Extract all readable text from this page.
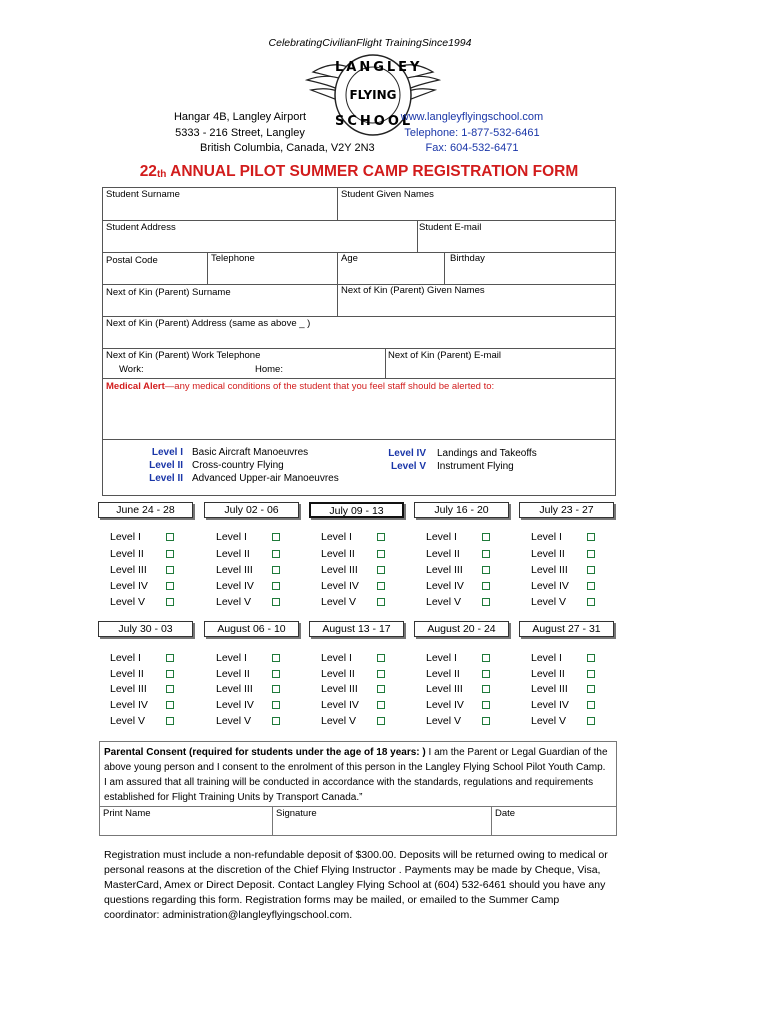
CelebratingCivilianFlight TrainingSince1994
LANGLEY
FLYING
SCHOOL
Hangar 4B, Langley Airport
5333 - 216 Street, Langley
British Columbia, Canada, V2Y 2N3
www.langleyflyingschool.com
Telephone: 1-877-532-6461
Fax: 604-532-6471
$22_{th}$ ANNUAL PILOT SUMMER CAMP REGISTRATION FORM
Student Surname	Student Given Names
Student Address	Student E-mail
Postal Code	Telephone	Age	Birthday
Next of Kin (Parent) Surname	Next of Kin (Parent) Given Names
Next of Kin (Parent) Address (same as above _ )
Next of Kin (Parent) Work Telephone
Work:	Home:
Next of Kin (Parent) E-mail
Medical Alert—any medical conditions of the student that you feel staff should be alerted to:
Level I Basic Aircraft Manoeuvres
Level II Cross-country Flying
Level II Advanced Upper-air Manoeuvres
Level IV Landings and Takeoffs
Level V Instrument Flying
June 24 - 28
Level I
Level II
Level III
Level IV
Level V
July 02 - 06
Level I
Level II
Level III
Level IV
Level V
July 09 - 13
Level I
Level II
Level III
Level IV
Level V
July 16 - 20
Level I
Level II
Level III
Level IV
Level V
July 23 - 27
Level I
Level II
Level III
Level IV
Level V
July 30 - 03
Level I
Level II
Level III
Level IV
Level V
August 06 - 10
Level I
Level II
Level III
Level IV
Level V
August 13 - 17
Level I
Level II
Level III
Level IV
Level V
August 20 - 24
Level I
Level II
Level III
Level IV
Level V
August 27 - 31
Level I
Level II
Level III
Level IV
Level V
Parental Consent (required for students under the age of 18 years: ) I am the Parent or Legal Guardian of the above young person and I consent to the enrolment of this person in the Langley Flying School Pilot Youth Camp. I am assured that all training will be conducted in accordance with the standards, regulations and requirements established for Flight Training Units by Transport Canada.”
Print Name	Signature	Date
Registration must include a non-refundable deposit of $300.00. Deposits will be returned owing to medical or personal reasons at the discretion of the Chief Flying Instructor . Payments may be made by Cheque, Visa, MasterCard, Amex or Direct Deposit. Contact Langley Flying School at (604) 532-6461 should you have any questions regarding this form. Registration forms may be mailed, or emailed to the Summer Camp coordinator: administration@langleyflyingschool.com.
